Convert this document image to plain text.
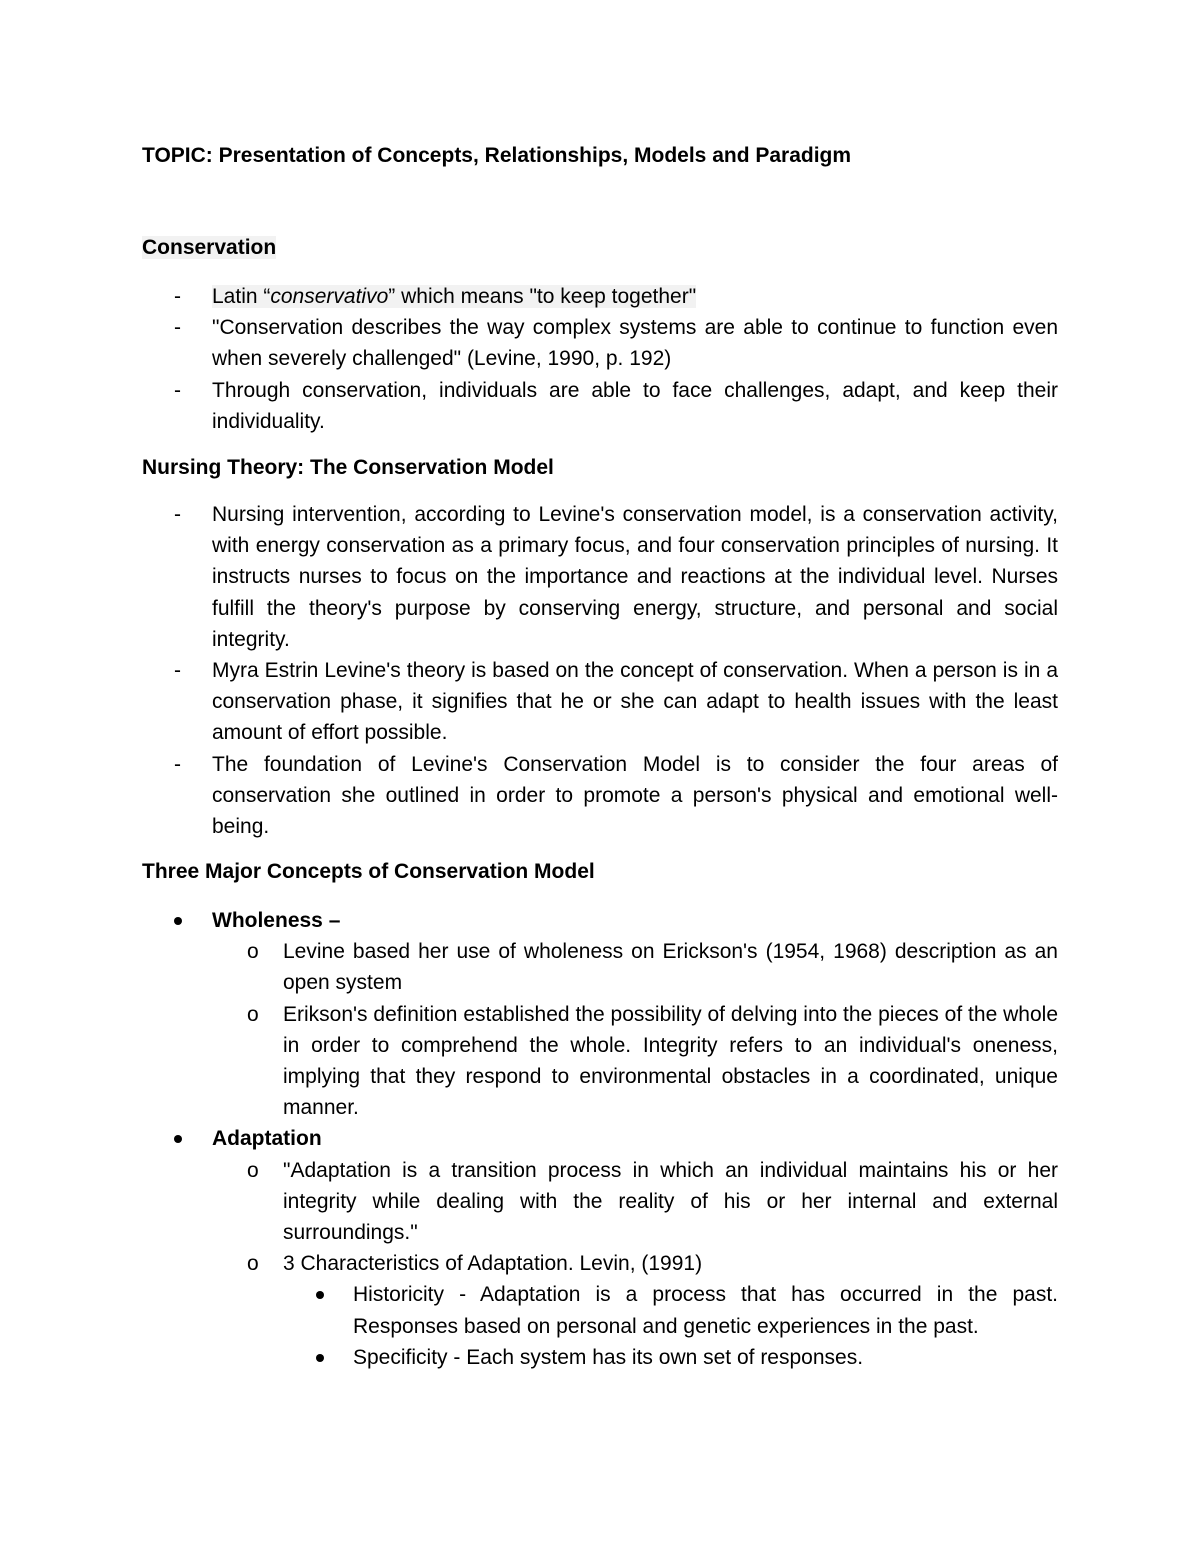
TOPIC: Presentation of Concepts, Relationships, Models and Paradigm
Conservation
-	Latin “conservativo” which means "to keep together"
-	"Conservation describes the way complex systems are able to continue to function even when severely challenged" (Levine, 1990, p. 192)
-	Through conservation, individuals are able to face challenges, adapt, and keep their individuality.
Nursing Theory: The Conservation Model
-	Nursing intervention, according to Levine's conservation model, is a conservation activity, with energy conservation as a primary focus, and four conservation principles of nursing. It instructs nurses to focus on the importance and reactions at the individual level. Nurses fulfill the theory's purpose by conserving energy, structure, and personal and social integrity.
-	Myra Estrin Levine's theory is based on the concept of conservation. When a person is in a conservation phase, it signifies that he or she can adapt to health issues with the least amount of effort possible.
-	The foundation of Levine's Conservation Model is to consider the four areas of conservation she outlined in order to promote a person's physical and emotional well-being.
Three Major Concepts of Conservation Model
Wholeness –
o	Levine based her use of wholeness on Erickson's (1954, 1968) description as an open system
o	Erikson's definition established the possibility of delving into the pieces of the whole in order to comprehend the whole. Integrity refers to an individual's oneness, implying that they respond to environmental obstacles in a coordinated, unique manner.
Adaptation
o	"Adaptation is a transition process in which an individual maintains his or her integrity while dealing with the reality of his or her internal and external surroundings."
o	3 Characteristics of Adaptation. Levin, (1991)
Historicity - Adaptation is a process that has occurred in the past. Responses based on personal and genetic experiences in the past.
Specificity - Each system has its own set of responses.
